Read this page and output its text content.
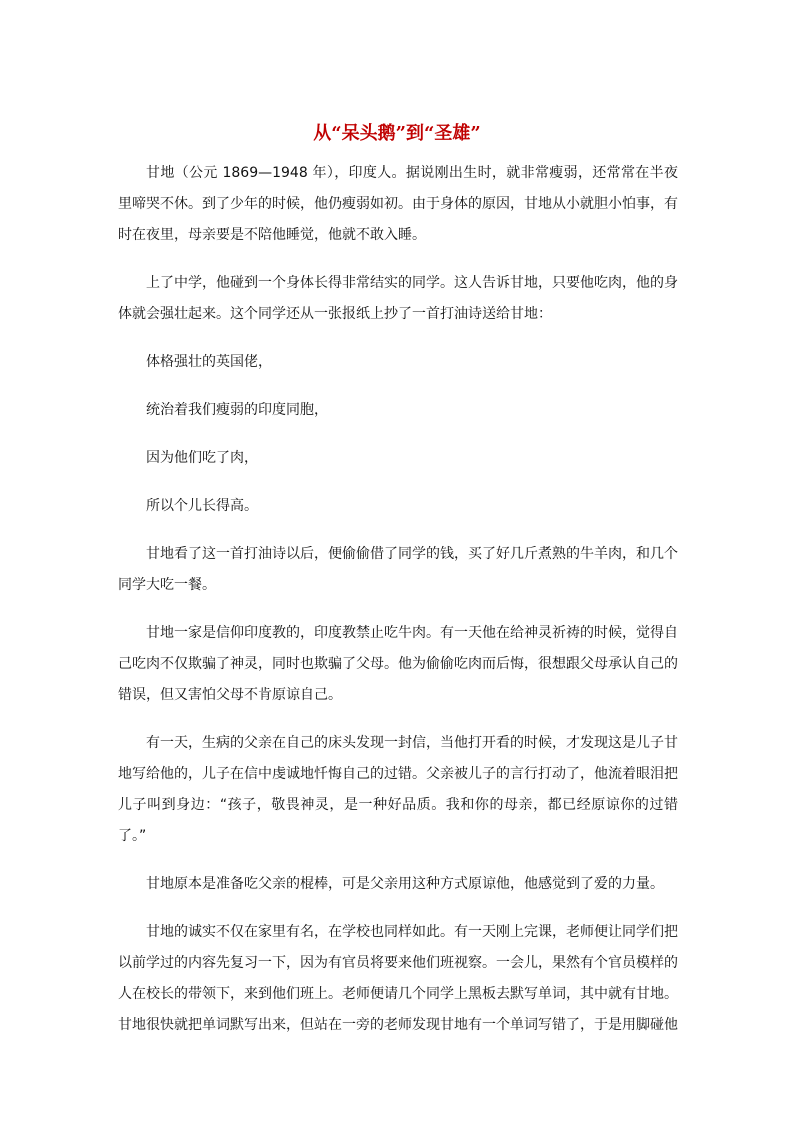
从“呆头鹅”到“圣雄”

甘地（公元 1869—1948 年），印度人。据说刚出生时，就非常瘦弱，还常常在半夜里啼哭不休。到了少年的时候，他仍瘦弱如初。由于身体的原因，甘地从小就胆小怕事，有时在夜里，母亲要是不陪他睡觉，他就不敢入睡。

上了中学，他碰到一个身体长得非常结实的同学。这人告诉甘地，只要他吃肉，他的身体就会强壮起来。这个同学还从一张报纸上抄了一首打油诗送给甘地：

体格强壮的英国佬，

统治着我们瘦弱的印度同胞，

因为他们吃了肉，

所以个儿长得高。

甘地看了这一首打油诗以后，便偷偷借了同学的钱，买了好几斤煮熟的牛羊肉，和几个同学大吃一餐。

甘地一家是信仰印度教的，印度教禁止吃牛肉。有一天他在给神灵祈祷的时候，觉得自己吃肉不仅欺骗了神灵，同时也欺骗了父母。他为偷偷吃肉而后悔，很想跟父母承认自己的错误，但又害怕父母不肯原谅自己。

有一天，生病的父亲在自己的床头发现一封信，当他打开看的时候，才发现这是儿子甘地写给他的，儿子在信中虔诚地忏悔自己的过错。父亲被儿子的言行打动了，他流着眼泪把儿子叫到身边：“孩子，敬畏神灵，是一种好品质。我和你的母亲，都已经原谅你的过错了。”

甘地原本是准备吃父亲的棍棒，可是父亲用这种方式原谅他，他感觉到了爱的力量。

甘地的诚实不仅在家里有名，在学校也同样如此。有一天刚上完课，老师便让同学们把以前学过的内容先复习一下，因为有官员将要来他们班视察。一会儿，果然有个官员模样的人在校长的带领下，来到他们班上。老师便请几个同学上黑板去默写单词，其中就有甘地。甘地很快就把单词默写出来，但站在一旁的老师发现甘地有一个单词写错了，于是用脚碰他
